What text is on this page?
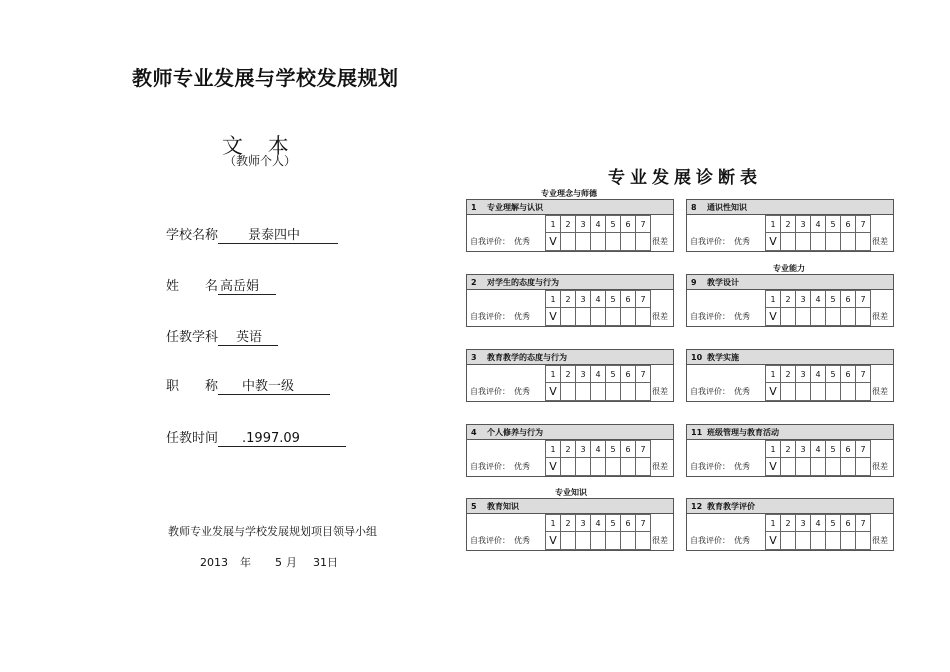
教师专业发展与学校发展规划
文 本
（教师个人）
学校名称 景泰四中
姓　　名 高岳娟
任教学科 英语
职　　称 中教一级
任教时间 .1997.09
教师专业发展与学校发展规划项目领导小组
2013 年 5 月 31日
专业发展诊断表
专业理念与师德
专业能力
专业知识
1 专业理解与认识
自我评价：　优秀
1	2	3	4	5	6	7
V							很差
2 对学生的态度与行为
自我评价：　优秀
1	2	3	4	5	6	7
V							很差
3 教育教学的态度与行为
自我评价：　优秀
1	2	3	4	5	6	7
V							很差
4 个人修养与行为
自我评价：　优秀
1	2	3	4	5	6	7
V							很差
5 教育知识
自我评价：　优秀
1	2	3	4	5	6	7
V							很差
8 通识性知识
自我评价：　优秀
1	2	3	4	5	6	7
V							很差
9 教学设计
自我评价：　优秀
1	2	3	4	5	6	7
V							很差
10 教学实施
自我评价：　优秀
1	2	3	4	5	6	7
V							很差
11 班级管理与教育活动
自我评价：　优秀
1	2	3	4	5	6	7
V							很差
12 教育教学评价
自我评价：　优秀
1	2	3	4	5	6	7
V							很差
